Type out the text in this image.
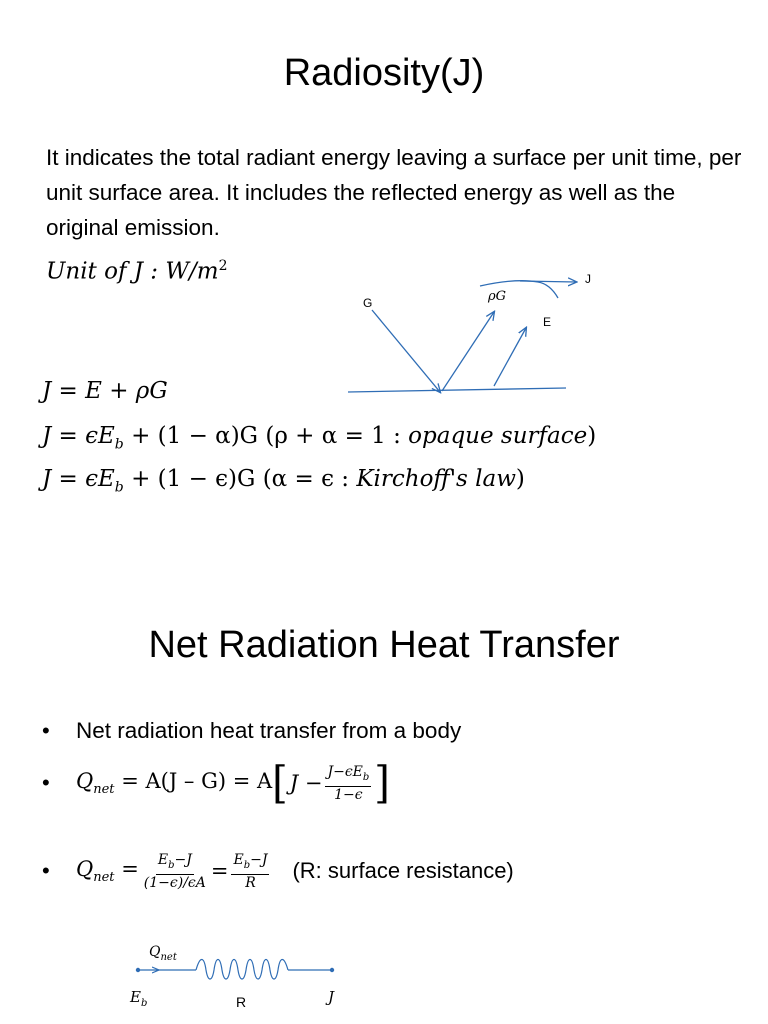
Radiosity(J)
It indicates the total radiant energy leaving a surface per unit time, per unit surface area. It includes the reflected energy as well as the original emission.
Unit of J : $W/m^2$
G	ρG
E
J
J = E + ρG
$J = \epsilon E_b + (1 - \alpha)G$ (ρ + α = 1 : opaque surface)
$J = \epsilon E_b + (1 - \epsilon)G$ (α = ϵ : Kirchoff's law)
Net Radiation Heat Transfer
•	Net radiation heat transfer from a body
•	$Q_{net} = A(J - G) = A$ [ $J - \frac{J-\epsilon E_b}{1-\epsilon}$ ]
•	$Q_{net} = \frac{E_b-J}{(1-\epsilon)/\epsilon A} = \frac{E_b-J}{R} (R$: surface resistance)
$Q_{net}$
$E_b$	R	J
